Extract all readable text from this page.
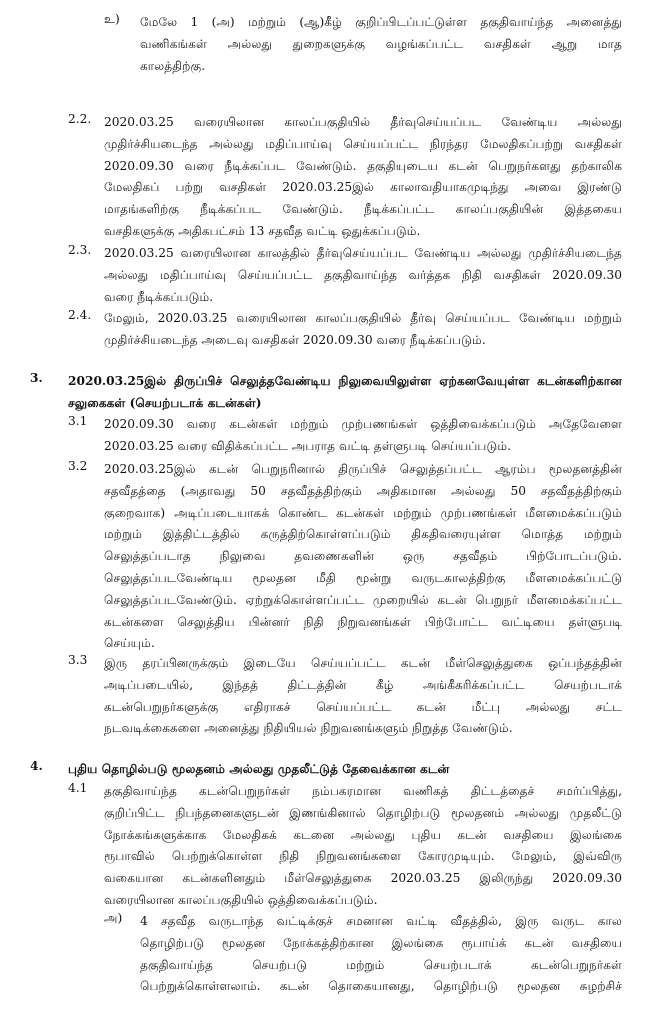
உ) மேலே 1 (அ) மற்றும் (ஆ)கீழ் குறிப்பிடப்பட்டுள்ள தகுதிவாய்ந்த அனைத்து
வணிகங்கள் அல்லது துறைகளுக்கு வழங்கப்பட்ட வசதிகள் ஆறு மாத
காலத்திற்கு.
2.2. 2020.03.25 வரையிலான காலப்பகுதியில் தீர்வுசெய்யப்பட வேண்டிய அல்லது
முதிர்ச்சியடைந்த அல்லது மதிப்பாய்வு செய்யப்பட்ட நிரந்தர மேலதிகப்பற்று வசதிகள்
2020.09.30 வரை நீடிக்கப்பட வேண்டும். தகுதியுடைய கடன் பெறுநர்களது தற்காலிக
மேலதிகப் பற்று வசதிகள் 2020.03.25இல் காலாவதியாகமுடிந்து அவை இரண்டு
மாதங்களிற்கு நீடிக்கப்பட வேண்டும். நீடிக்கப்பட்ட காலப்பகுதியின் இத்தகைய
வசதிகளுக்கு அதிகபட்சம் 13 சதவீத வட்டி ஒதுக்கப்படும்.
2.3. 2020.03.25 வரையிலான காலத்தில் தீர்வுசெய்யப்பட வேண்டிய அல்லது முதிர்ச்சியடைந்த
அல்லது மதிப்பாய்வு செய்யப்பட்ட தகுதிவாய்ந்த வர்த்தக நிதி வசதிகள் 2020.09.30
வரை நீடிக்கப்படும்.
2.4. மேலும், 2020.03.25 வரையிலான காலப்பகுதியில் தீர்வு செய்யப்பட வேண்டிய மற்றும்
முதிர்ச்சியடைந்த அடைவு வசதிகள் 2020.09.30 வரை நீடிக்கப்படும்.
3. 2020.03.25இல் திருப்பிச் செலுத்தவேண்டிய நிலுவையிலுள்ள ஏற்கனவேயுள்ள கடன்களிற்கான
சலுகைகள் (செயற்படாக் கடன்கள்)
3.1 2020.09.30 வரை கடன்கள் மற்றும் முற்பணங்கள் ஒத்திவைக்கப்படும் அதேவேளை
2020.03.25 வரை விதிக்கப்பட்ட அபராத வட்டி தள்ளுபடி செய்யப்படும்.
3.2 2020.03.25இல் கடன் பெறுநரினால் திருப்பிச் செலுத்தப்பட்ட ஆரம்ப மூலதனத்தின்
சதவீதத்தை (அதாவது 50 சதவீதத்திற்கும் அதிகமான அல்லது 50 சதவீதத்திற்கும்
குறைவாக) அடிப்படையாகக் கொண்ட கடன்கள் மற்றும் முற்பணங்கள் மீளமைக்கப்படும்
மற்றும் இத்திட்டத்தில் கருத்திற்கொள்ளப்படும் திகதிவரையுள்ள மொத்த மற்றும்
செலுத்தப்படாத நிலுவை தவணைகளின் ஒரு சதவீதம் பிற்போடப்படும்.
செலுத்தப்படவேண்டிய மூலதன மீதி மூன்று வருடகாலத்திற்கு மீளமைக்கப்பட்டு
செலுத்தப்படவேண்டும். ஏற்றுக்கொள்ளப்பட்ட முறையில் கடன் பெறுநர் மீளமைக்கப்பட்ட
கடன்களை செலுத்திய பின்னர் நிதி நிறுவனங்கள் பிற்போட்ட வட்டியை தள்ளுபடி
செய்யும்.
3.3 இரு தரப்பினருக்கும் இடையே செய்யப்பட்ட கடன் மீள்செலுத்துகை ஒப்பந்தத்தின்
அடிப்படையில், இந்தத் திட்டத்தின் கீழ் அங்கீகரிக்கப்பட்ட செயற்படாக்
கடன்பெறுநர்களுக்கு எதிராகச் செய்யப்பட்ட கடன் மீட்பு அல்லது சட்ட
நடவடிக்கைகளை அனைத்து நிதியியல் நிறுவனங்களும் நிறுத்த வேண்டும்.
4. புதிய தொழில்படு மூலதனம் அல்லது முதலீட்டுத் தேவைக்கான கடன்
4.1 தகுதிவாய்ந்த கடன்பெறுநர்கள் நம்பகரமான வணிகத் திட்டத்தைச் சமர்ப்பித்து,
குறிப்பிட்ட நிபந்தனைகளுடன் இணங்கினால் தொழிற்படு மூலதனம் அல்லது முதலீட்டு
நோக்கங்களுக்காக மேலதிகக் கடனை அல்லது புதிய கடன் வசதியை இலங்கை
ரூபாவில் பெற்றுக்கொள்ள நிதி நிறுவனங்களை கோரமுடியும். மேலும், இவ்விரு
வகையான கடன்களினதும் மீள்செலுத்துகை 2020.03.25 இலிருந்து 2020.09.30
வரையிலான காலப்பகுதியில் ஒத்திவைக்கப்படும்.
அ) 4 சதவீத வருடாந்த வட்டிக்குச் சமனான வட்டி வீதத்தில், இரு வருட கால
தொழிற்படு மூலதன நோக்கத்திற்கான இலங்கை ரூபாய்க் கடன் வசதியை
தகுதிவாய்ந்த செயற்படு மற்றும் செயற்படாக் கடன்பெறுநர்கள்
பெற்றுக்கொள்ளலாம். கடன் தொகையானது, தொழிற்படு மூலதன சுழற்சிச்
